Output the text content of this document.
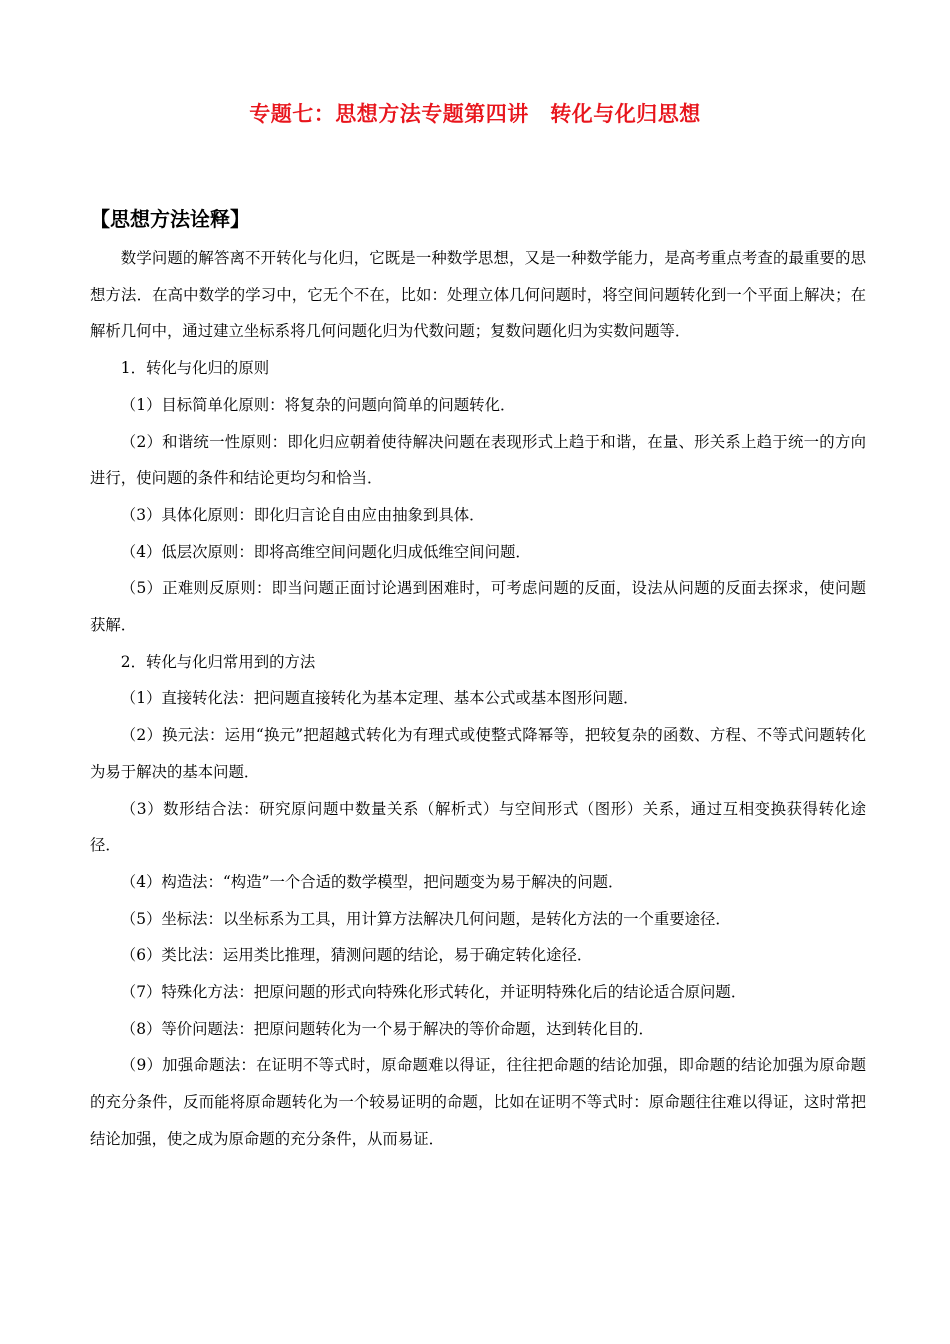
专题七：思想方法专题第四讲　转化与化归思想
【思想方法诠释】

数学问题的解答离不开转化与化归，它既是一种数学思想，又是一种数学能力，是高考重点考查的最重要的思想方法．在高中数学的学习中，它无个不在，比如：处理立体几何问题时，将空间问题转化到一个平面上解决；在解析几何中，通过建立坐标系将几何问题化归为代数问题；复数问题化归为实数问题等．

1．转化与化归的原则

（1）目标简单化原则：将复杂的问题向简单的问题转化．

（2）和谐统一性原则：即化归应朝着使待解决问题在表现形式上趋于和谐，在量、形关系上趋于统一的方向进行，使问题的条件和结论更均匀和恰当．

（3）具体化原则：即化归言论自由应由抽象到具体．

（4）低层次原则：即将高维空间问题化归成低维空间问题．

（5）正难则反原则：即当问题正面讨论遇到困难时，可考虑问题的反面，设法从问题的反面去探求，使问题获解．

2．转化与化归常用到的方法

（1）直接转化法：把问题直接转化为基本定理、基本公式或基本图形问题．

（2）换元法：运用“换元”把超越式转化为有理式或使整式降幂等，把较复杂的函数、方程、不等式问题转化为易于解决的基本问题．

（3）数形结合法：研究原问题中数量关系（解析式）与空间形式（图形）关系，通过互相变换获得转化途径．

（4）构造法：“构造”一个合适的数学模型，把问题变为易于解决的问题．

（5）坐标法：以坐标系为工具，用计算方法解决几何问题，是转化方法的一个重要途径．

（6）类比法：运用类比推理，猜测问题的结论，易于确定转化途径．

（7）特殊化方法：把原问题的形式向特殊化形式转化，并证明特殊化后的结论适合原问题．

（8）等价问题法：把原问题转化为一个易于解决的等价命题，达到转化目的．

（9）加强命题法：在证明不等式时，原命题难以得证，往往把命题的结论加强，即命题的结论加强为原命题的充分条件，反而能将原命题转化为一个较易证明的命题，比如在证明不等式时：原命题往往难以得证，这时常把结论加强，使之成为原命题的充分条件，从而易证．
